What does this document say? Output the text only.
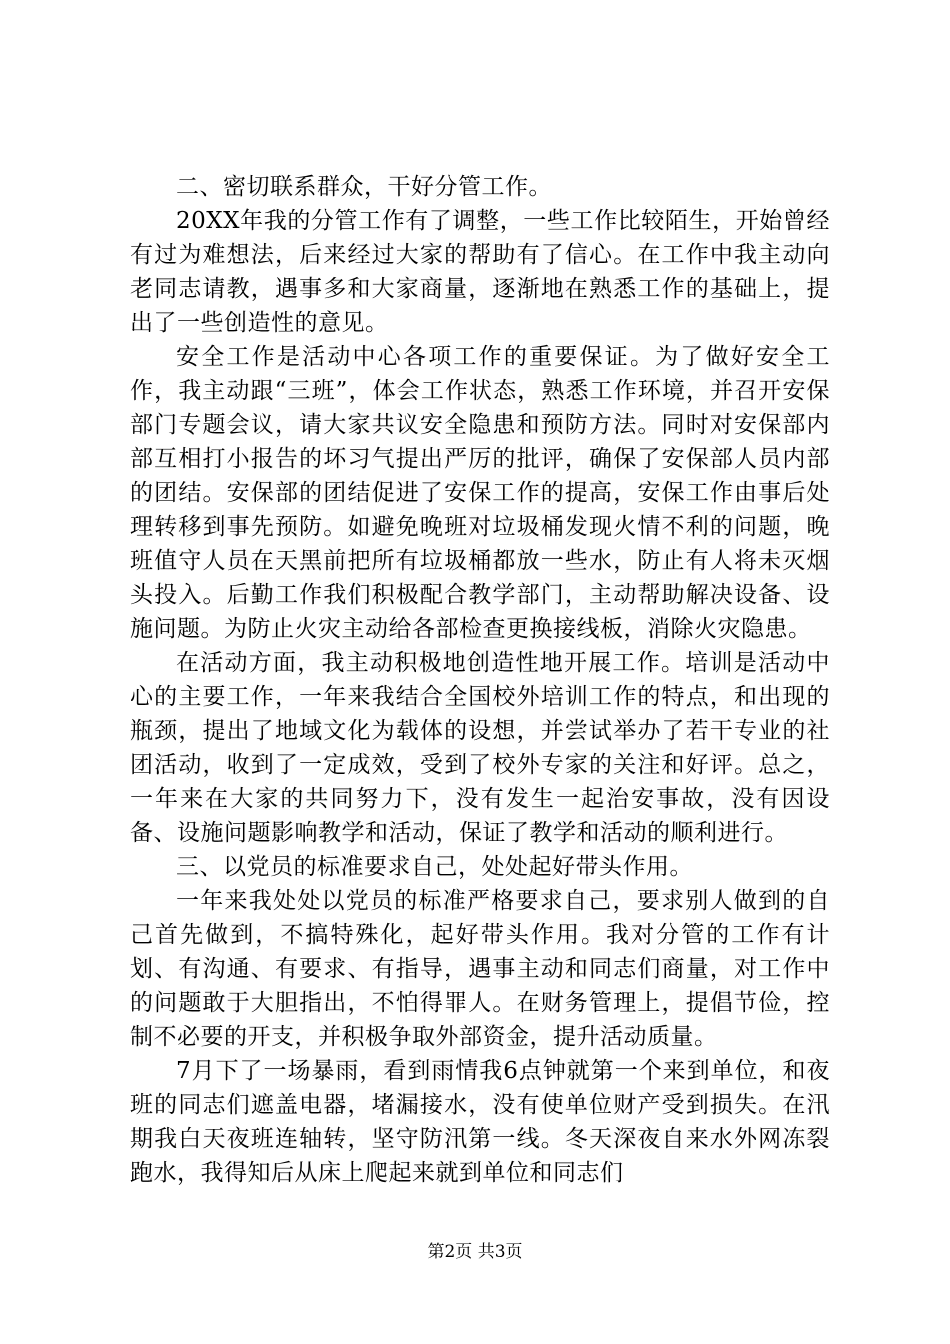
二、密切联系群众，干好分管工作。

20XX年我的分管工作有了调整，一些工作比较陌生，开始曾经有过为难想法，后来经过大家的帮助有了信心。在工作中我主动向老同志请教，遇事多和大家商量，逐渐地在熟悉工作的基础上，提出了一些创造性的意见。

安全工作是活动中心各项工作的重要保证。为了做好安全工作，我主动跟“三班”，体会工作状态，熟悉工作环境，并召开安保部门专题会议，请大家共议安全隐患和预防方法。同时对安保部内部互相打小报告的坏习气提出严厉的批评，确保了安保部人员内部的团结。安保部的团结促进了安保工作的提高，安保工作由事后处理转移到事先预防。如避免晚班对垃圾桶发现火情不利的问题，晚班值守人员在天黑前把所有垃圾桶都放一些水，防止有人将未灭烟头投入。后勤工作我们积极配合教学部门，主动帮助解决设备、设施问题。为防止火灾主动给各部检查更换接线板，消除火灾隐患。

在活动方面，我主动积极地创造性地开展工作。培训是活动中心的主要工作，一年来我结合全国校外培训工作的特点，和出现的瓶颈，提出了地域文化为载体的设想，并尝试举办了若干专业的社团活动，收到了一定成效，受到了校外专家的关注和好评。总之，一年来在大家的共同努力下，没有发生一起治安事故，没有因设备、设施问题影响教学和活动，保证了教学和活动的顺利进行。

三、以党员的标准要求自己，处处起好带头作用。

一年来我处处以党员的标准严格要求自己，要求别人做到的自己首先做到，不搞特殊化，起好带头作用。我对分管的工作有计划、有沟通、有要求、有指导，遇事主动和同志们商量，对工作中的问题敢于大胆指出，不怕得罪人。在财务管理上，提倡节俭，控制不必要的开支，并积极争取外部资金，提升活动质量。

7月下了一场暴雨，看到雨情我6点钟就第一个来到单位，和夜班的同志们遮盖电器，堵漏接水，没有使单位财产受到损失。在汛期我白天夜班连轴转，坚守防汛第一线。冬天深夜自来水外网冻裂跑水，我得知后从床上爬起来就到单位和同志们

第2页 共3页
